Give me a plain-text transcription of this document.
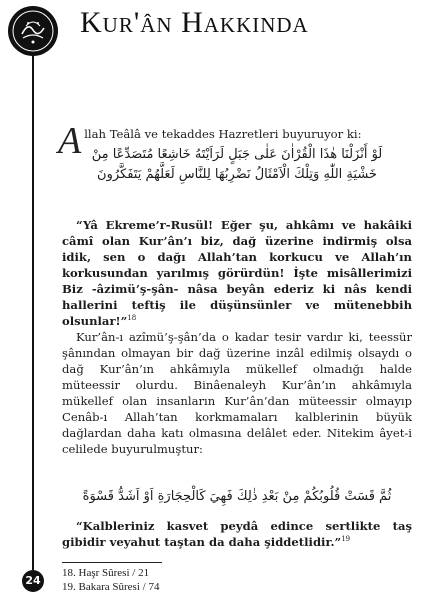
Kur'ân Hakkında

Allah Teâlâ ve tekaddes Hazretleri buyuruyor ki:

لَوْ أَنْزَلْنَا هٰذَا الْقُرْاٰنَ عَلٰى جَبَلٍ لَرَاَيْتَهُ خَاشِعًا مُتَصَدِّعًا مِنْ

خَشْيَةِ اللّٰهِ وَتِلْكَ الْاَمْثَالُ نَضْرِبُهَا لِلنَّاسِ لَعَلَّهُمْ يَتَفَكَّرُونَ

“Yâ Ekreme’r-Rusül! Eğer şu, ahkâmı ve hakâiki câmî olan Kur’ân’ı biz, dağ üzerine indirmiş olsa idik, sen o dağı Allah’tan korkucu ve Allah’ın korkusundan yarılmış görürdün! İşte misâllerimizi Biz -âzimü’ş-şân- nâsa beyân ederiz ki nâs kendi hallerini teftiş ile düşünsünler ve mütenebbih olsunlar!”$^{18}$

Kur’ân-ı azîmü’ş-şân’da o kadar tesir vardır ki, teessür şânından olmayan bir dağ üzerine inzâl edilmiş olsaydı o dağ Kur’ân’ın ahkâmıyla mükellef olmadığı halde müteessir olurdu. Binâenaleyh Kur’ân’ın ahkâmıyla mükellef olan insanların Kur’ân’dan müteessir olmayıp Cenâb-ı Allah’tan korkmamaları kalblerinin büyük dağlardan daha katı olmasına delâlet eder. Nitekim âyet-i celilede buyurulmuştur:

ثُمَّ قَسَتْ قُلُوبُكُمْ مِنْ بَعْدِ ذٰلِكَ فَهِيَ كَالْحِجَارَةِ اَوْ اَشَدُّ قَسْوَةً

“Kalbleriniz kasvet peydâ edince sertlikte taş gibidir veyahut taştan da daha şiddetlidir.”$^{19}$

18. Haşr Sûresi / 21
19. Bakara Sûresi / 74
24
